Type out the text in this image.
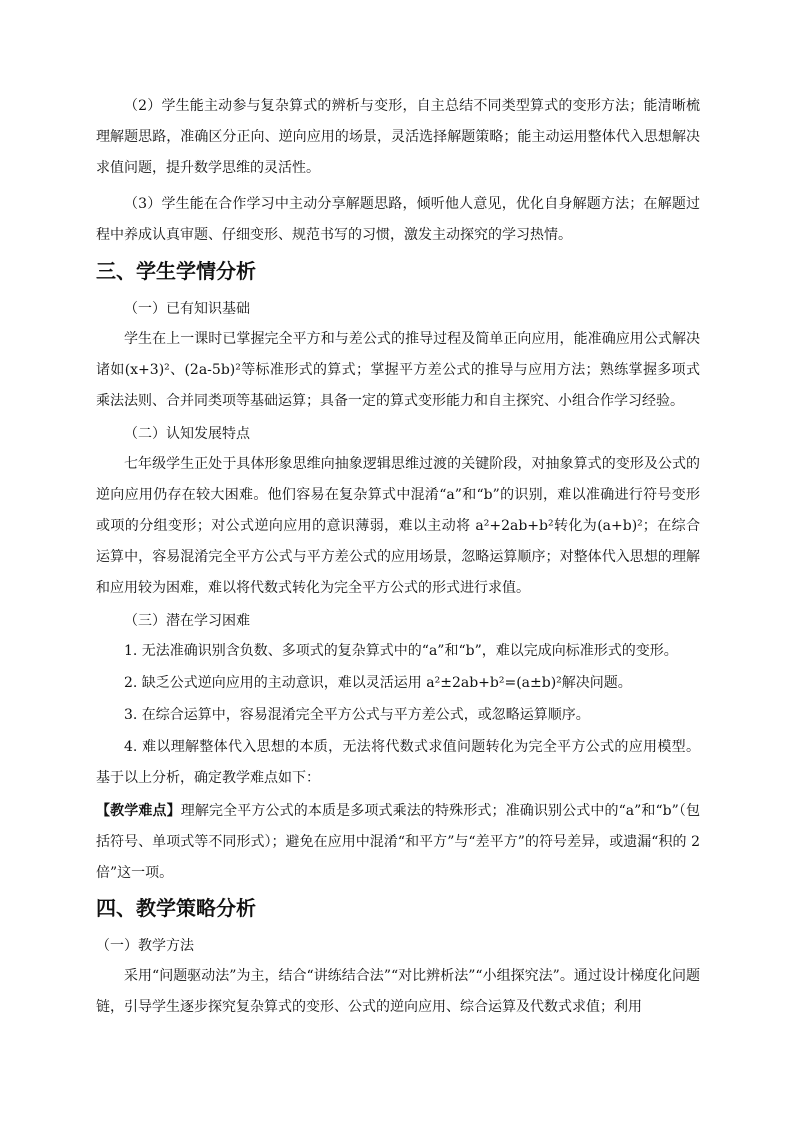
（2）学生能主动参与复杂算式的辨析与变形，自主总结不同类型算式的变形方法；能清晰梳理解题思路，准确区分正向、逆向应用的场景，灵活选择解题策略；能主动运用整体代入思想解决求值问题，提升数学思维的灵活性。

（3）学生能在合作学习中主动分享解题思路，倾听他人意见，优化自身解题方法；在解题过程中养成认真审题、仔细变形、规范书写的习惯，激发主动探究的学习热情。

三、学生学情分析

（一）已有知识基础

学生在上一课时已掌握完全平方和与差公式的推导过程及简单正向应用，能准确应用公式解决诸如(x+3)²、(2a-5b)²等标准形式的算式；掌握平方差公式的推导与应用方法；熟练掌握多项式乘法法则、合并同类项等基础运算；具备一定的算式变形能力和自主探究、小组合作学习经验。

（二）认知发展特点

七年级学生正处于具体形象思维向抽象逻辑思维过渡的关键阶段，对抽象算式的变形及公式的逆向应用仍存在较大困难。他们容易在复杂算式中混淆“a”和“b”的识别，难以准确进行符号变形或项的分组变形；对公式逆向应用的意识薄弱，难以主动将 a²+2ab+b²转化为(a+b)²；在综合运算中，容易混淆完全平方公式与平方差公式的应用场景，忽略运算顺序；对整体代入思想的理解和应用较为困难，难以将代数式转化为完全平方公式的形式进行求值。

（三）潜在学习困难

1. 无法准确识别含负数、多项式的复杂算式中的“a”和“b”，难以完成向标准形式的变形。

2. 缺乏公式逆向应用的主动意识，难以灵活运用 a²±2ab+b²=(a±b)²解决问题。

3. 在综合运算中，容易混淆完全平方公式与平方差公式，或忽略运算顺序。

4. 难以理解整体代入思想的本质，无法将代数式求值问题转化为完全平方公式的应用模型。基于以上分析，确定教学难点如下：

【教学难点】理解完全平方公式的本质是多项式乘法的特殊形式；准确识别公式中的“a”和“b”（包括符号、单项式等不同形式）；避免在应用中混淆“和平方”与“差平方”的符号差异，或遗漏“积的 2 倍”这一项。

四、教学策略分析

（一）教学方法

采用“问题驱动法”为主，结合“讲练结合法”“对比辨析法”“小组探究法”。通过设计梯度化问题链，引导学生逐步探究复杂算式的变形、公式的逆向应用、综合运算及代数式求值；利用
